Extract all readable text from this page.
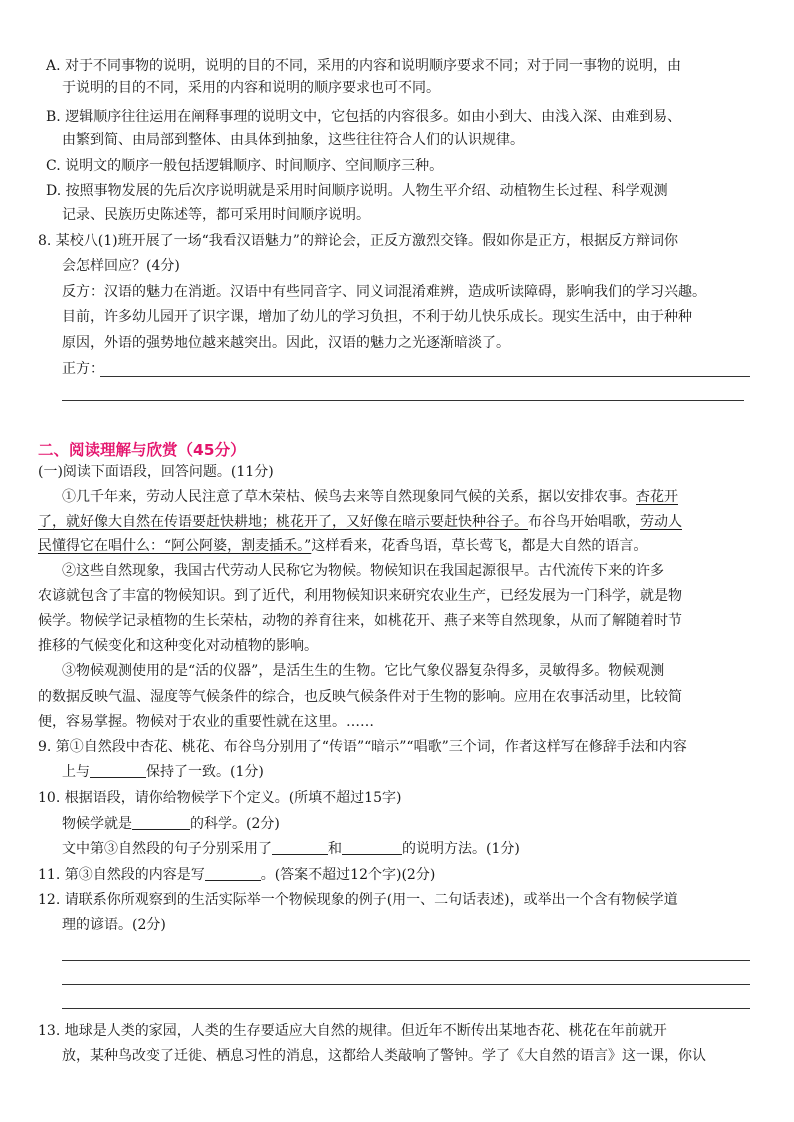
A. 对于不同事物的说明，说明的目的不同，采用的内容和说明顺序要求不同；对于同一事物的说明，由
于说明的目的不同，采用的内容和说明的顺序要求也可不同。
B. 逻辑顺序往往运用在阐释事理的说明文中，它包括的内容很多。如由小到大、由浅入深、由难到易、
由繁到简、由局部到整体、由具体到抽象，这些往往符合人们的认识规律。
C. 说明文的顺序一般包括逻辑顺序、时间顺序、空间顺序三种。
D. 按照事物发展的先后次序说明就是采用时间顺序说明。人物生平介绍、动植物生长过程、科学观测
记录、民族历史陈述等，都可采用时间顺序说明。
8. 某校八(1)班开展了一场“我看汉语魅力”的辩论会，正反方激烈交锋。假如你是正方，根据反方辩词你
会怎样回应？(4分)
反方：汉语的魅力在消逝。汉语中有些同音字、同义词混淆难辨，造成听读障碍，影响我们的学习兴趣。
目前，许多幼儿园开了识字课，增加了幼儿的学习负担，不利于幼儿快乐成长。现实生活中，由于种种
原因，外语的强势地位越来越突出。因此，汉语的魅力之光逐渐暗淡了。
正方：
二、阅读理解与欣赏（45分）
(一)阅读下面语段，回答问题。(11分)
①几千年来，劳动人民注意了草木荣枯、候鸟去来等自然现象同气候的关系，据以安排农事。杏花开
了，就好像大自然在传语要赶快耕地；桃花开了，又好像在暗示要赶快种谷子。布谷鸟开始唱歌，劳动人
民懂得它在唱什么：“阿公阿婆，割麦插禾。”这样看来，花香鸟语，草长莺飞，都是大自然的语言。
②这些自然现象，我国古代劳动人民称它为物候。物候知识在我国起源很早。古代流传下来的许多
农谚就包含了丰富的物候知识。到了近代，利用物候知识来研究农业生产，已经发展为一门科学，就是物
候学。物候学记录植物的生长荣枯，动物的养育往来，如桃花开、燕子来等自然现象，从而了解随着时节
推移的气候变化和这种变化对动植物的影响。
③物候观测使用的是“活的仪器”，是活生生的生物。它比气象仪器复杂得多，灵敏得多。物候观测
的数据反映气温、湿度等气候条件的综合，也反映气候条件对于生物的影响。应用在农事活动里，比较简
便，容易掌握。物候对于农业的重要性就在这里。……
9. 第①自然段中杏花、桃花、布谷鸟分别用了“传语”“暗示”“唱歌”三个词，作者这样写在修辞手法和内容
上与	保持了一致。(1分)
10. 根据语段，请你给物候学下个定义。(所填不超过15字)
物候学就是	的科学。(2分)
文中第③自然段的句子分别采用了	和	的说明方法。(1分)
11. 第③自然段的内容是写	。(答案不超过12个字)(2分)
12. 请联系你所观察到的生活实际举一个物候现象的例子(用一、二句话表述)，或举出一个含有物候学道
理的谚语。(2分)
13. 地球是人类的家园，人类的生存要适应大自然的规律。但近年不断传出某地杏花、桃花在年前就开
放，某种鸟改变了迁徙、栖息习性的消息，这都给人类敲响了警钟。学了《大自然的语言》这一课，你认
